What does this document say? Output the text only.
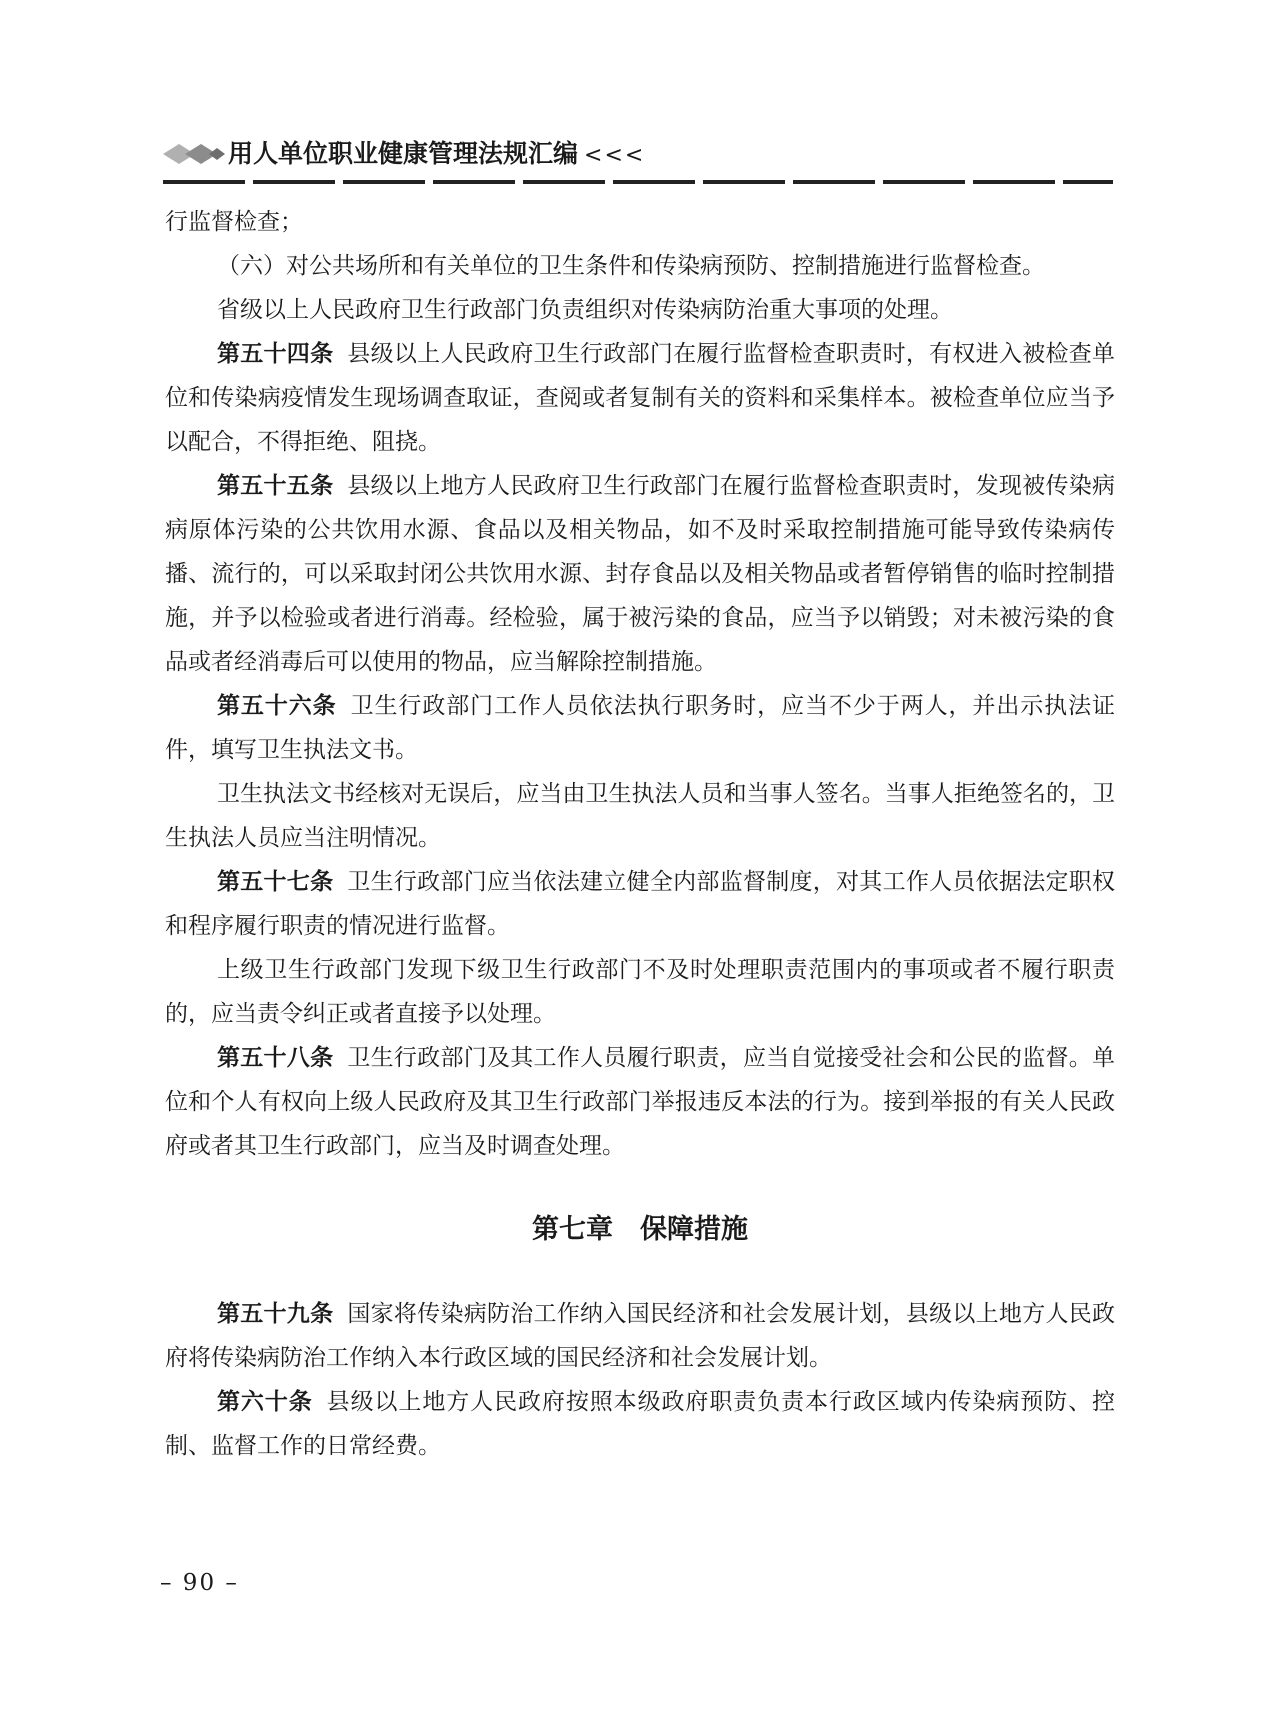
用人单位职业健康管理法规汇编 <<<

行监督检查；

（六）对公共场所和有关单位的卫生条件和传染病预防、控制措施进行监督检查。

省级以上人民政府卫生行政部门负责组织对传染病防治重大事项的处理。

第五十四条 县级以上人民政府卫生行政部门在履行监督检查职责时，有权进入被检查单位和传染病疫情发生现场调查取证，查阅或者复制有关的资料和采集样本。被检查单位应当予以配合，不得拒绝、阻挠。

第五十五条 县级以上地方人民政府卫生行政部门在履行监督检查职责时，发现被传染病病原体污染的公共饮用水源、食品以及相关物品，如不及时采取控制措施可能导致传染病传播、流行的，可以采取封闭公共饮用水源、封存食品以及相关物品或者暂停销售的临时控制措施，并予以检验或者进行消毒。经检验，属于被污染的食品，应当予以销毁；对未被污染的食品或者经消毒后可以使用的物品，应当解除控制措施。

第五十六条 卫生行政部门工作人员依法执行职务时，应当不少于两人，并出示执法证件，填写卫生执法文书。

卫生执法文书经核对无误后，应当由卫生执法人员和当事人签名。当事人拒绝签名的，卫生执法人员应当注明情况。

第五十七条 卫生行政部门应当依法建立健全内部监督制度，对其工作人员依据法定职权和程序履行职责的情况进行监督。

上级卫生行政部门发现下级卫生行政部门不及时处理职责范围内的事项或者不履行职责的，应当责令纠正或者直接予以处理。

第五十八条 卫生行政部门及其工作人员履行职责，应当自觉接受社会和公民的监督。单位和个人有权向上级人民政府及其卫生行政部门举报违反本法的行为。接到举报的有关人民政府或者其卫生行政部门，应当及时调查处理。

第七章　保障措施

第五十九条 国家将传染病防治工作纳入国民经济和社会发展计划，县级以上地方人民政府将传染病防治工作纳入本行政区域的国民经济和社会发展计划。

第六十条 县级以上地方人民政府按照本级政府职责负责本行政区域内传染病预防、控制、监督工作的日常经费。

– 90 –
